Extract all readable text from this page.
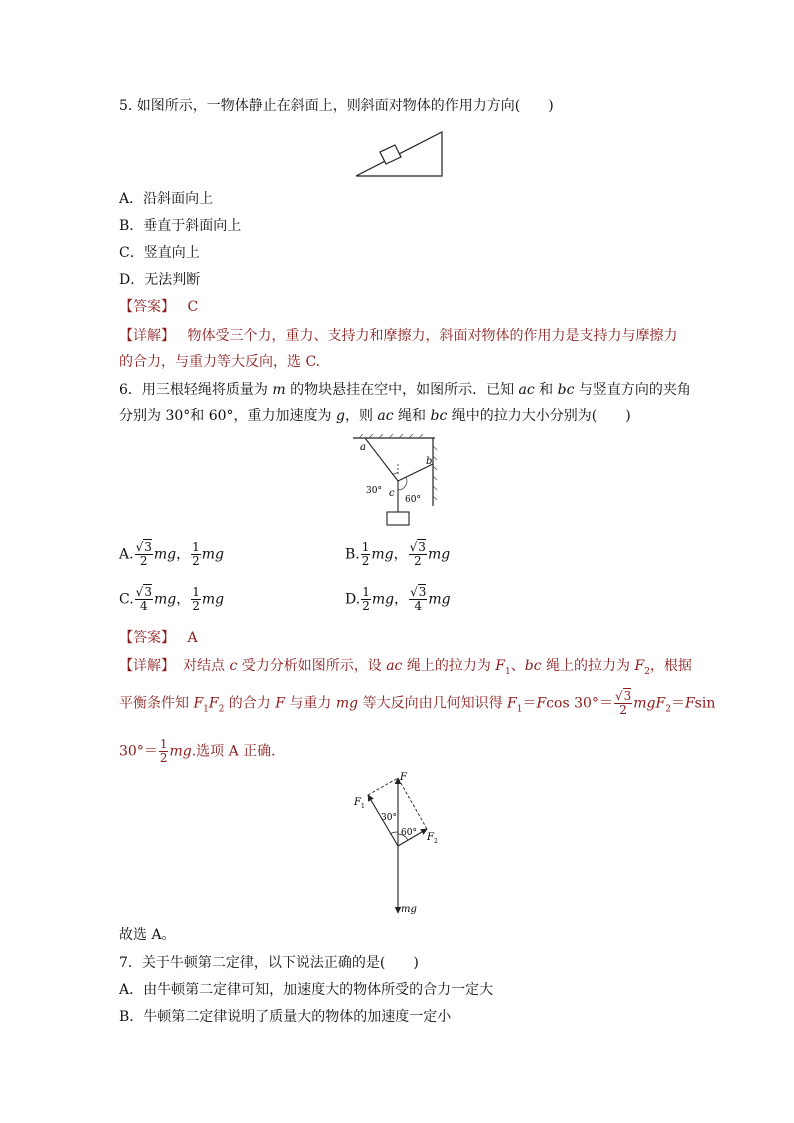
5. 如图所示，一物体静止在斜面上，则斜面对物体的作用力方向(　　)
A．沿斜面向上
B．垂直于斜面向上
C．竖直向上
D．无法判断
【答案】 C
【详解】 物体受三个力，重力、支持力和摩擦力，斜面对物体的作用力是支持力与摩擦力
的合力，与重力等大反向，选 C.
6．用三根轻绳将质量为 m 的物块悬挂在空中，如图所示．已知 ac 和 bc 与竖直方向的夹角
分别为 30°和 60°，重力加速度为 g，则 ac 绳和 bc 绳中的拉力大小分别为(　　)
a
b
c
30°
60°
A. $\frac{√3}{2}$ mg， $\frac{1}{2}$ mg	B. $\frac{1}{2}$ mg， $\frac{√3}{2}$ mg
C. $\frac{√3}{4}$ mg， $\frac{1}{2}$ mg	D. $\frac{1}{2}$ mg， $\frac{√3}{4}$ mg
【答案】 A
【详解】 对结点 c 受力分析如图所示，设 ac 绳上的拉力为 $F_1$、bc 绳上的拉力为 $F_2$，根据
平衡条件知 $F_1F_2$ 的合力 F 与重力 mg 等大反向由几何知识得 $F_1=Fcos$ $30^\circ= \frac{√3}{2} mgF_2=Fsin$
$30^\circ= \frac{1}{2}$ mg.选项 A 正确．
F
F 1
F 2
30°
60°
mg
故选 A。
7．关于牛顿第二定律，以下说法正确的是(　　)
A．由牛顿第二定律可知，加速度大的物体所受的合力一定大
B．牛顿第二定律说明了质量大的物体的加速度一定小
